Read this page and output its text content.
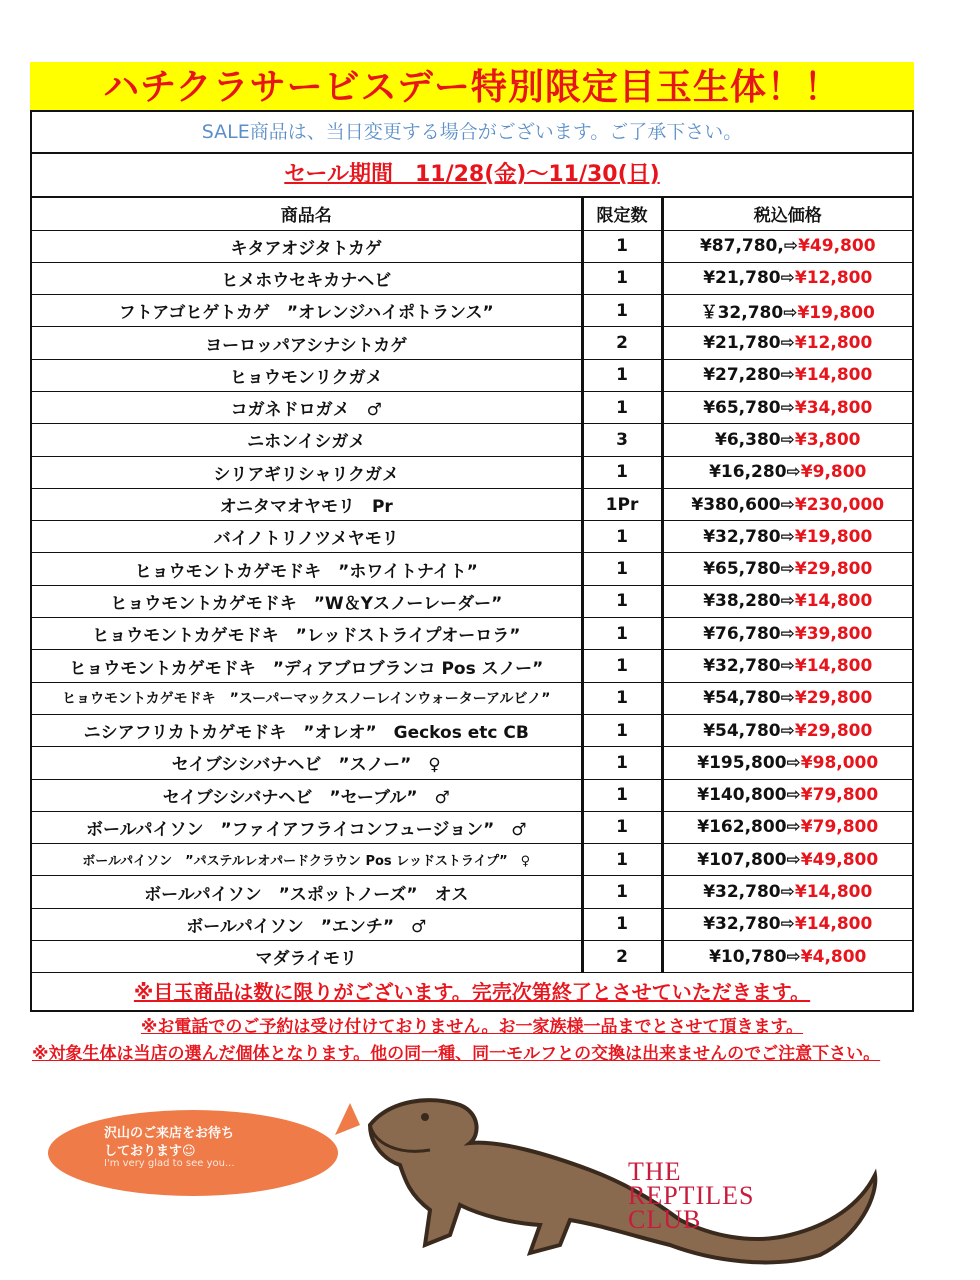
ハチクラサービスデー特別限定目玉生体！！
SALE商品は、当日変更する場合がございます。ご了承下さい。
セール期間　11/28(金)〜11/30(日)
商品名	限定数	税込価格
キタアオジタトカゲ	1	¥87,780,⇨¥49,800
ヒメホウセキカナヘビ	1	¥21,780⇨¥12,800
フトアゴヒゲトカゲ　”オレンジハイポトランス”	1	￥32,780⇨¥19,800
ヨーロッパアシナシトカゲ	2	¥21,780⇨¥12,800
ヒョウモンリクガメ	1	¥27,280⇨¥14,800
コガネドロガメ　♂	1	¥65,780⇨¥34,800
ニホンイシガメ	3	¥6,380⇨¥3,800
シリアギリシャリクガメ	1	¥16,280⇨¥9,800
オニタマオヤモリ　Pr	1Pr	¥380,600⇨¥230,000
バイノトリノツメヤモリ	1	¥32,780⇨¥19,800
ヒョウモントカゲモドキ　”ホワイトナイト”	1	¥65,780⇨¥29,800
ヒョウモントカゲモドキ　”W＆Yスノーレーダー”	1	¥38,280⇨¥14,800
ヒョウモントカゲモドキ　”レッドストライプオーロラ”	1	¥76,780⇨¥39,800
ヒョウモントカゲモドキ　”ディアブロブランコ Pos スノー”	1	¥32,780⇨¥14,800
ヒョウモントカゲモドキ　”スーパーマックスノーレインウォーターアルビノ”	1	¥54,780⇨¥29,800
ニシアフリカトカゲモドキ　”オレオ”　Geckos etc CB	1	¥54,780⇨¥29,800
セイブシシバナヘビ　”スノー”　♀	1	¥195,800⇨¥98,000
セイブシシバナヘビ　”セーブル”　♂	1	¥140,800⇨¥79,800
ボールパイソン　”ファイアフライコンフュージョン”　♂	1	¥162,800⇨¥79,800
ボールパイソン　”パステルレオパードクラウン Pos レッドストライプ”　♀	1	¥107,800⇨¥49,800
ボールパイソン　”スポットノーズ”　オス	1	¥32,780⇨¥14,800
ボールパイソン　”エンチ”　♂	1	¥32,780⇨¥14,800
マダライモリ	2	¥10,780⇨¥4,800
※目玉商品は数に限りがございます。完売次第終了とさせていただきます。
※お電話でのご予約は受け付けておりません。お一家族様一品までとさせて頂きます。
※対象生体は当店の選んだ個体となります。他の同一種、同一モルフとの交換は出来ませんのでご注意下さい。
沢山のご来店をお待ち
しております☺
I'm very glad to see you...	THE
REPTILES
CLUB
